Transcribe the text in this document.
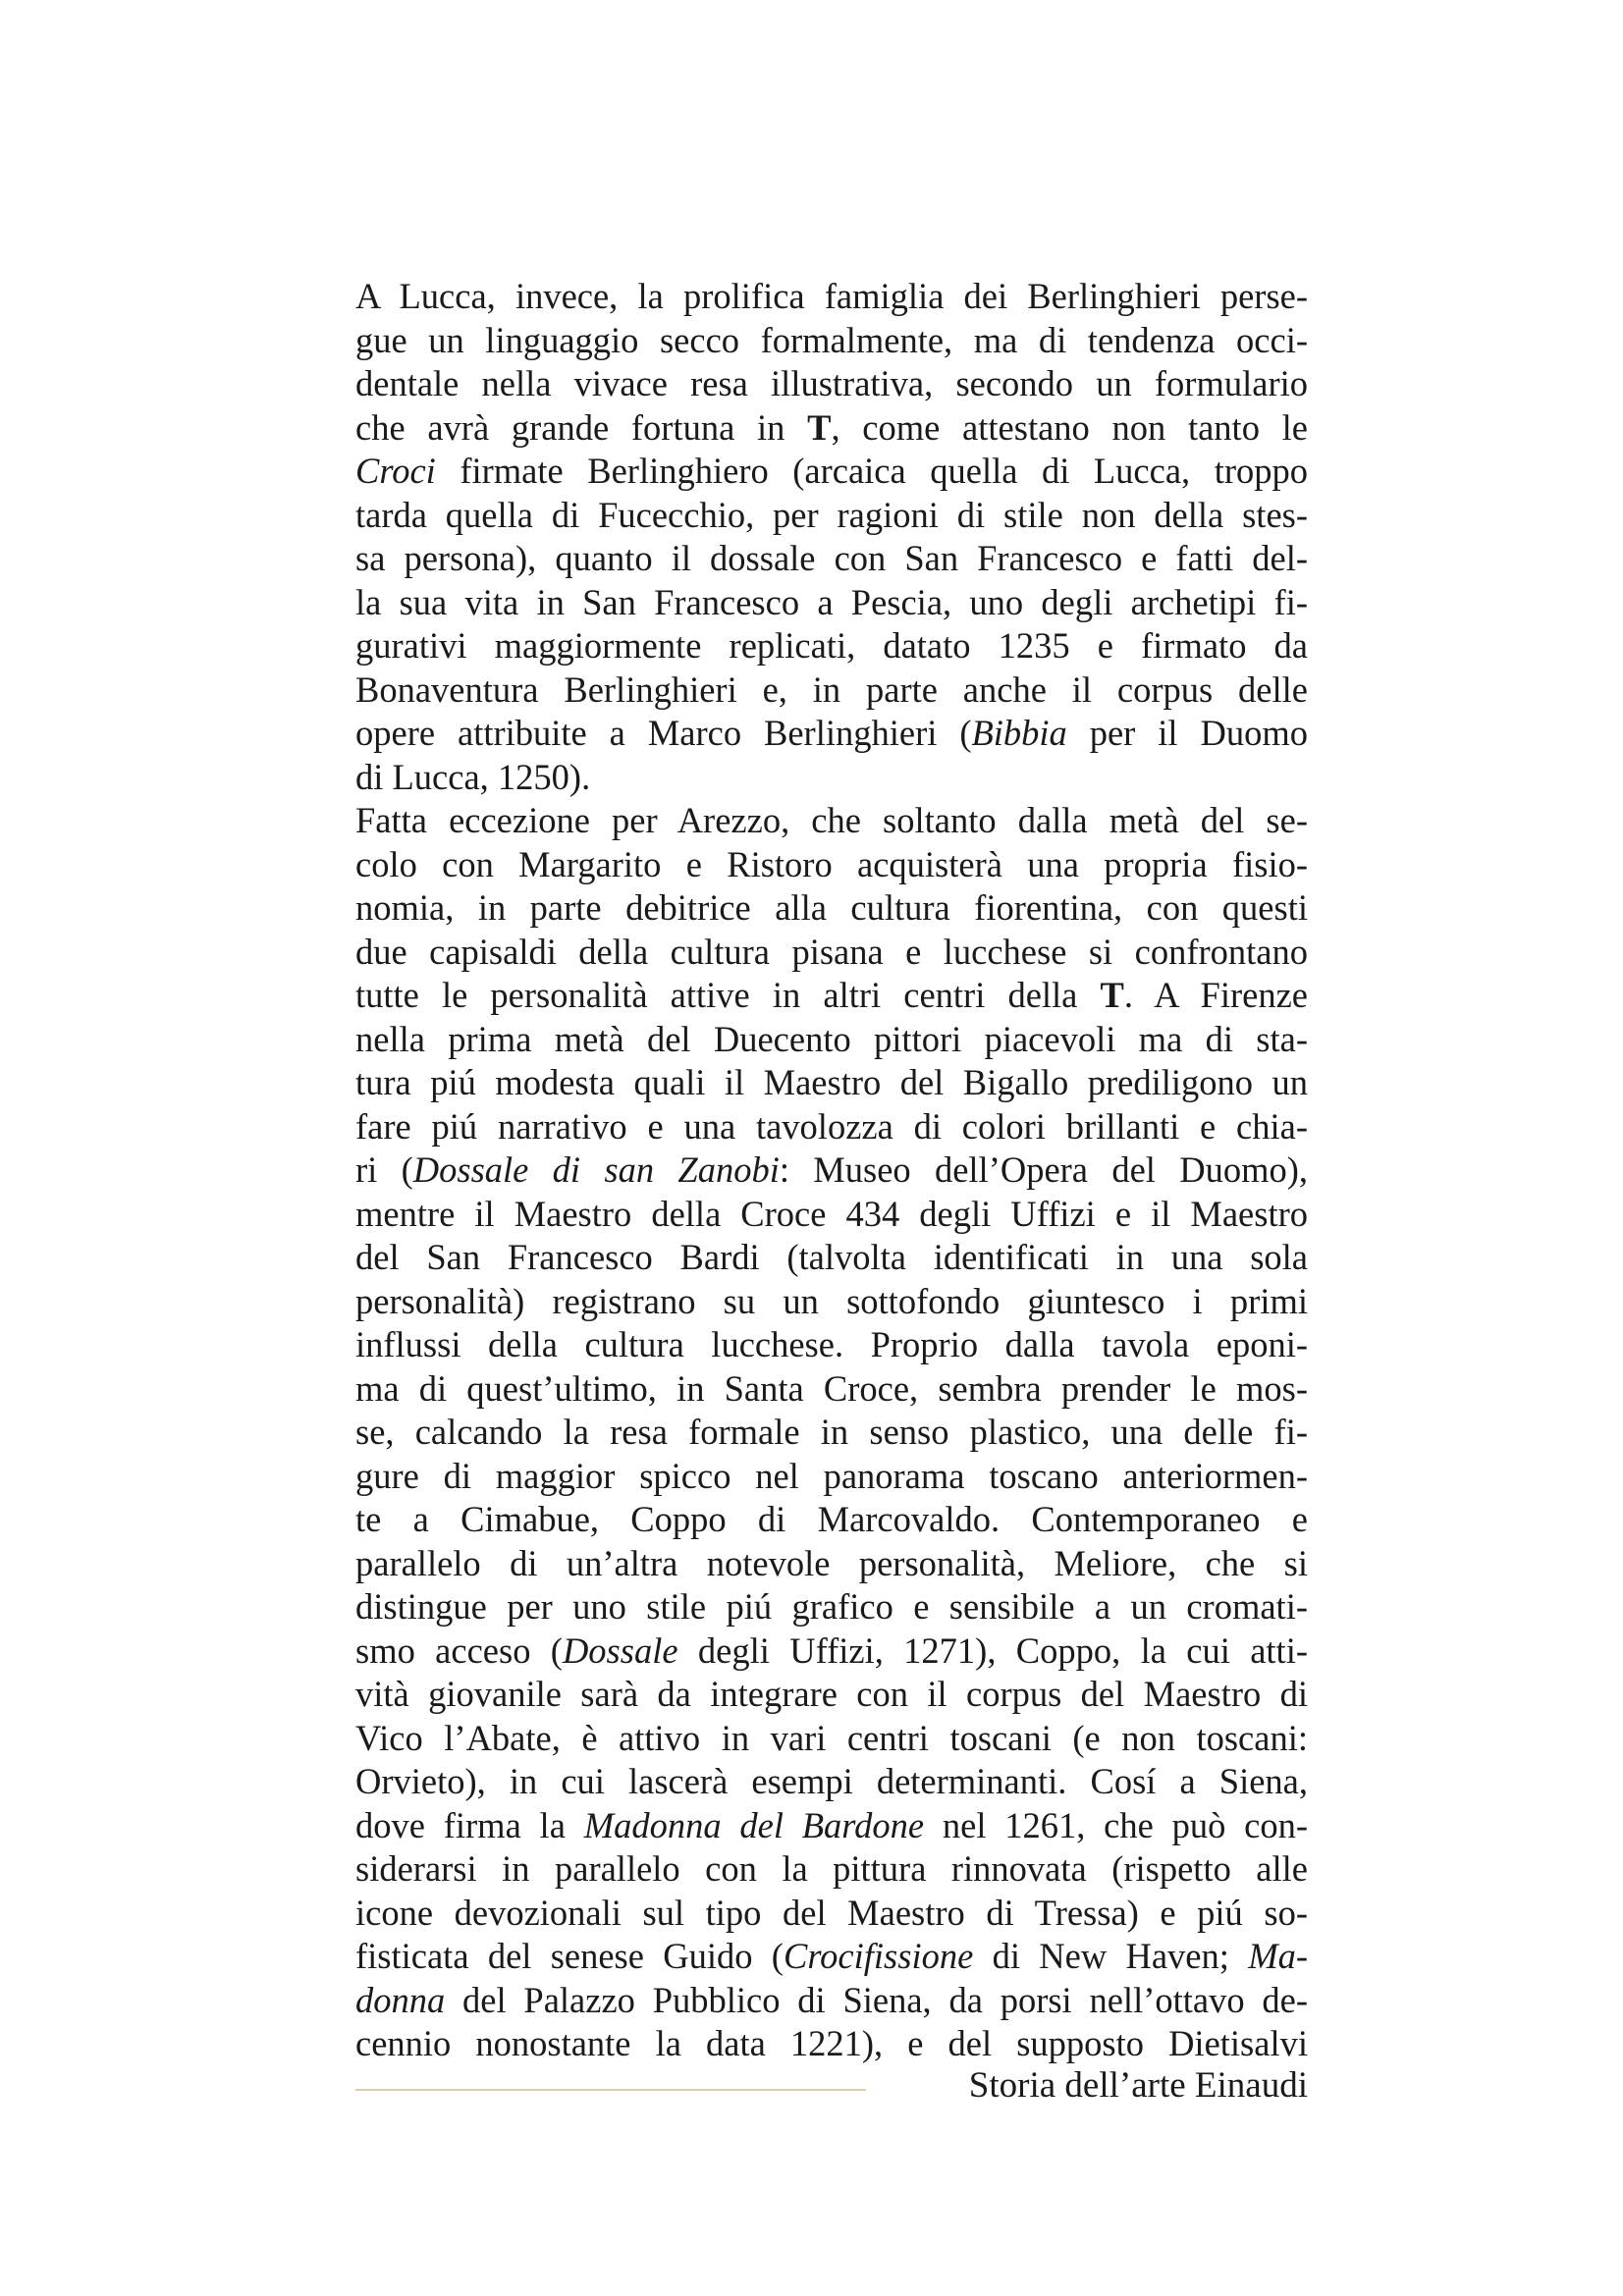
A Lucca, invece, la prolifica famiglia dei Berlinghieri perse-
gue un linguaggio secco formalmente, ma di tendenza occi-
dentale nella vivace resa illustrativa, secondo un formulario
che avrà grande fortuna in T, come attestano non tanto le
Croci firmate Berlinghiero (arcaica quella di Lucca, troppo
tarda quella di Fucecchio, per ragioni di stile non della stes-
sa persona), quanto il dossale con San Francesco e fatti del-
la sua vita in San Francesco a Pescia, uno degli archetipi fi-
gurativi maggiormente replicati, datato 1235 e firmato da
Bonaventura Berlinghieri e, in parte anche il corpus delle
opere attribuite a Marco Berlinghieri (Bibbia per il Duomo
di Lucca, 1250).
Fatta eccezione per Arezzo, che soltanto dalla metà del se-
colo con Margarito e Ristoro acquisterà una propria fisio-
nomia, in parte debitrice alla cultura fiorentina, con questi
due capisaldi della cultura pisana e lucchese si confrontano
tutte le personalità attive in altri centri della T. A Firenze
nella prima metà del Duecento pittori piacevoli ma di sta-
tura piú modesta quali il Maestro del Bigallo prediligono un
fare piú narrativo e una tavolozza di colori brillanti e chia-
ri (Dossale di san Zanobi: Museo dell’Opera del Duomo),
mentre il Maestro della Croce 434 degli Uffizi e il Maestro
del San Francesco Bardi (talvolta identificati in una sola
personalità) registrano su un sottofondo giuntesco i primi
influssi della cultura lucchese. Proprio dalla tavola eponi-
ma di quest’ultimo, in Santa Croce, sembra prender le mos-
se, calcando la resa formale in senso plastico, una delle fi-
gure di maggior spicco nel panorama toscano anteriormen-
te a Cimabue, Coppo di Marcovaldo. Contemporaneo e
parallelo di un’altra notevole personalità, Meliore, che si
distingue per uno stile piú grafico e sensibile a un cromati-
smo acceso (Dossale degli Uffizi, 1271), Coppo, la cui atti-
vità giovanile sarà da integrare con il corpus del Maestro di
Vico l’Abate, è attivo in vari centri toscani (e non toscani:
Orvieto), in cui lascerà esempi determinanti. Cosí a Siena,
dove firma la Madonna del Bardone nel 1261, che può con-
siderarsi in parallelo con la pittura rinnovata (rispetto alle
icone devozionali sul tipo del Maestro di Tressa) e piú so-
fisticata del senese Guido (Crocifissione di New Haven; Ma-
donna del Palazzo Pubblico di Siena, da porsi nell’ottavo de-
cennio nonostante la data 1221), e del supposto Dietisalvi
Storia dell’arte Einaudi
